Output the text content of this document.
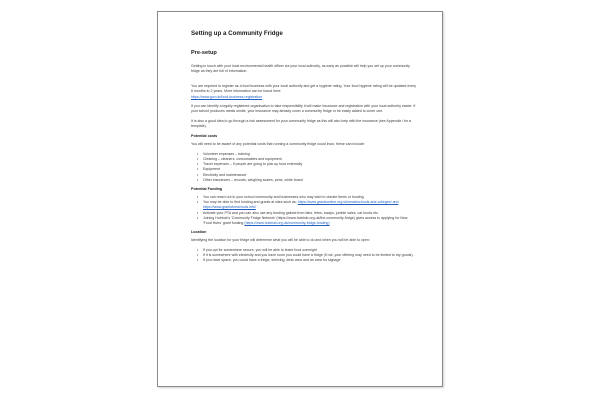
Setting up a Community Fridge
Pre-setup
Getting in touch with your local environmental health officer via your local authority, as early as possible will help you set up your community fridge as they are full of information.

You are required to register as a food business with your local authority and get a hygiene rating. Your food hygiene rating will be updated every 6 months to 2 years. More information can be found here:
https://www.gov.uk/food-business-registration

If you can identify a legally registered organisation to take responsibility it will make insurance and registration with your local authority easier. If your school produces meals onsite, your insurance may already cover a community fridge or be easily added to cover one.
It is also a good idea to go through a risk assessment for your community fridge as this will also help with the insurance (see Appendix i for a template).
Potential costs
You will need to be aware of any potential costs that running a community fridge could incur, these can include:
• Volunteer expenses – training
• Cleaning – cleaners, consumables and equipment
• Travel expenses – if people are going to pick up food externally
• Equipment
• Electricity and maintenance
• Other insurances – records, weighing scales, pens, white board
Potential Funding
• You can reach out to your school community and businesses who may wish to donate items or funding.
• You may be able to find funding and grants at sites such as: https://www.grantsonline.org.uk/news/schools-and-colleges/ and https://www.grantsforschools.info/
• Activate your PTA and you can also use any funding gained from fairs, fetes, swaps, jumble sales, car boots etc.
• Joining Hubbub's 'Community Fridge Network' (https://www.hubbub.org.uk/the-community-fridge) gives access to applying for New 'Food Hubs' grant funding (https://www.hubbub.org.uk/community-fridge-funding)
Location
Identifying the location for your fridge will determine what you will be able to do and when you will be able to open:
• If you opt for somewhere secure, you will be able to leave food overnight
• If it is somewhere with electricity and you have room you could have a fridge (if not, your offering may need to be limited to dry goods).
• If you have space, you could have a fridge, shelving, desk area and an area for signage
